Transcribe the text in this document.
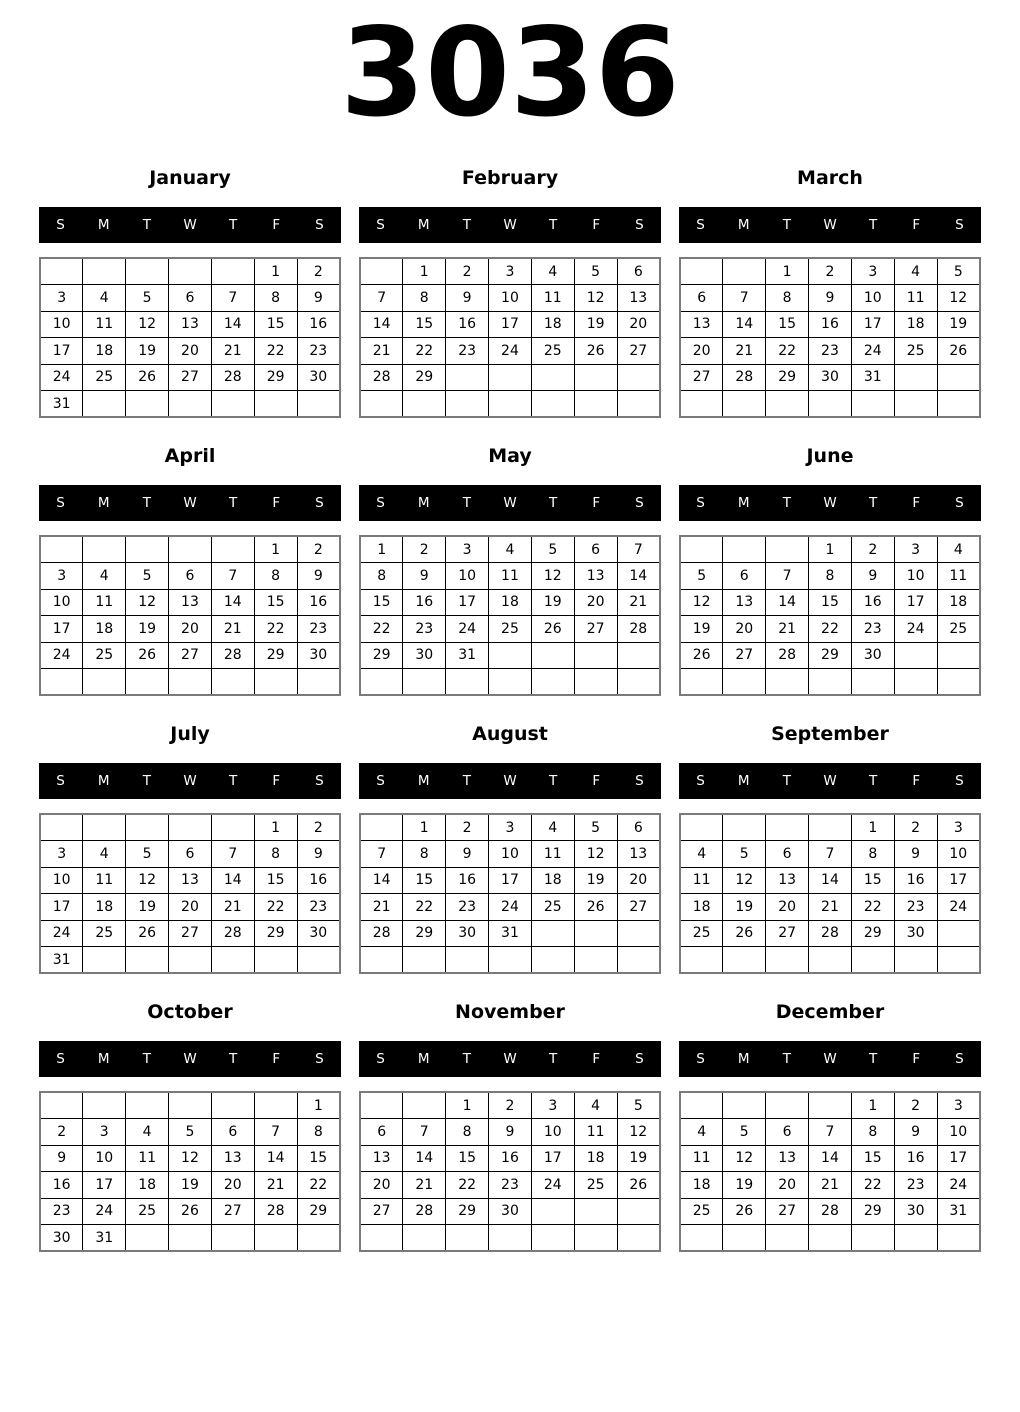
3036
January
S	M	T	W	T	F	S
					1	2
3	4	5	6	7	8	9
10	11	12	13	14	15	16
17	18	19	20	21	22	23
24	25	26	27	28	29	30
31						
February
S	M	T	W	T	F	S
	1	2	3	4	5	6
7	8	9	10	11	12	13
14	15	16	17	18	19	20
21	22	23	24	25	26	27
28	29					

March
S	M	T	W	T	F	S
		1	2	3	4	5
6	7	8	9	10	11	12
13	14	15	16	17	18	19
20	21	22	23	24	25	26
27	28	29	30	31		

April
S	M	T	W	T	F	S
					1	2
3	4	5	6	7	8	9
10	11	12	13	14	15	16
17	18	19	20	21	22	23
24	25	26	27	28	29	30

May
S	M	T	W	T	F	S
1	2	3	4	5	6	7
8	9	10	11	12	13	14
15	16	17	18	19	20	21
22	23	24	25	26	27	28
29	30	31				

June
S	M	T	W	T	F	S
			1	2	3	4
5	6	7	8	9	10	11
12	13	14	15	16	17	18
19	20	21	22	23	24	25
26	27	28	29	30		

July
S	M	T	W	T	F	S
					1	2
3	4	5	6	7	8	9
10	11	12	13	14	15	16
17	18	19	20	21	22	23
24	25	26	27	28	29	30
31						
August
S	M	T	W	T	F	S
	1	2	3	4	5	6
7	8	9	10	11	12	13
14	15	16	17	18	19	20
21	22	23	24	25	26	27
28	29	30	31			

September
S	M	T	W	T	F	S
				1	2	3
4	5	6	7	8	9	10
11	12	13	14	15	16	17
18	19	20	21	22	23	24
25	26	27	28	29	30	

October
S	M	T	W	T	F	S
						1
2	3	4	5	6	7	8
9	10	11	12	13	14	15
16	17	18	19	20	21	22
23	24	25	26	27	28	29
30	31					
November
S	M	T	W	T	F	S
		1	2	3	4	5
6	7	8	9	10	11	12
13	14	15	16	17	18	19
20	21	22	23	24	25	26
27	28	29	30			

December
S	M	T	W	T	F	S
				1	2	3
4	5	6	7	8	9	10
11	12	13	14	15	16	17
18	19	20	21	22	23	24
25	26	27	28	29	30	31
